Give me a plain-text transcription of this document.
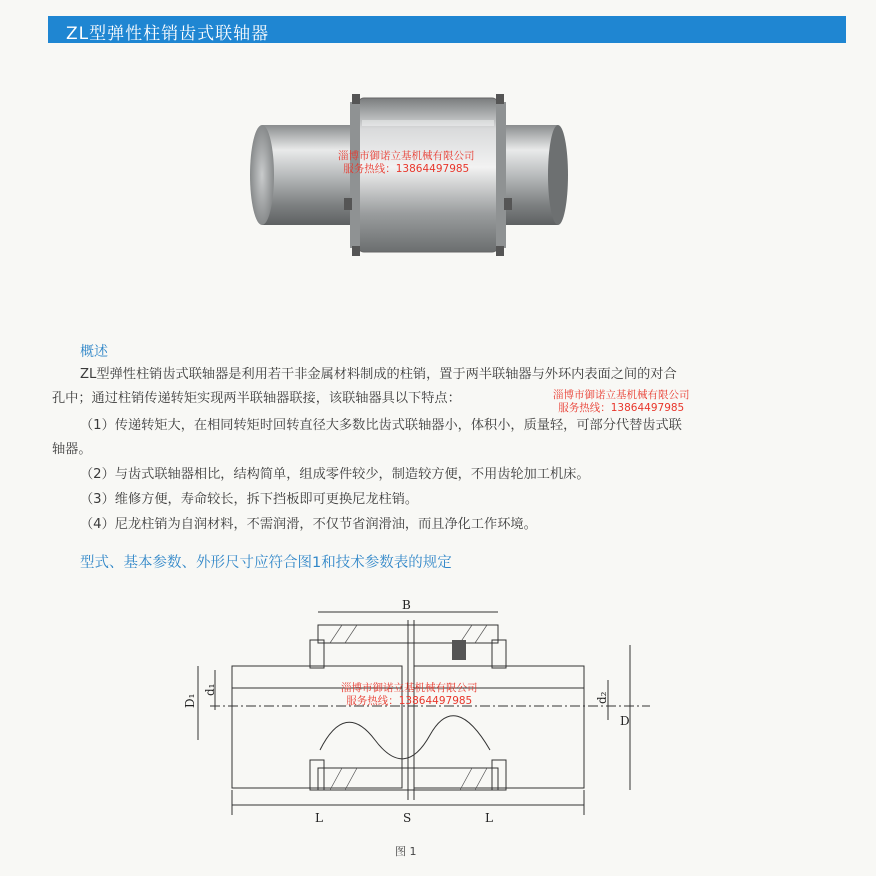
ZL型弹性柱销齿式联轴器
淄博市御诺立基机械有限公司
服务热线：13864497985
概述
ZL型弹性柱销齿式联轴器是利用若干非金属材料制成的柱销，置于两半联轴器与外环内表面之间的对合
孔中；通过柱销传递转矩实现两半联轴器联接，该联轴器具以下特点：	淄博市御诺立基机械有限公司
服务热线：13864497985
（1）传递转矩大，在相同转矩时回转直径大多数比齿式联轴器小，体积小，质量轻，可部分代替齿式联
轴器。
（2）与齿式联轴器相比，结构简单，组成零件较少，制造较方便，不用齿轮加工机床。
（3）维修方便，寿命较长，拆下挡板即可更换尼龙柱销。
（4）尼龙柱销为自润材料，不需润滑，不仅节省润滑油，而且净化工作环境。
型式、基本参数、外形尺寸应符合图1和技术参数表的规定
B
D₁
d₁
d₂
D
L	S	L
淄博市御诺立基机械有限公司
服务热线：13864497985
图 1
